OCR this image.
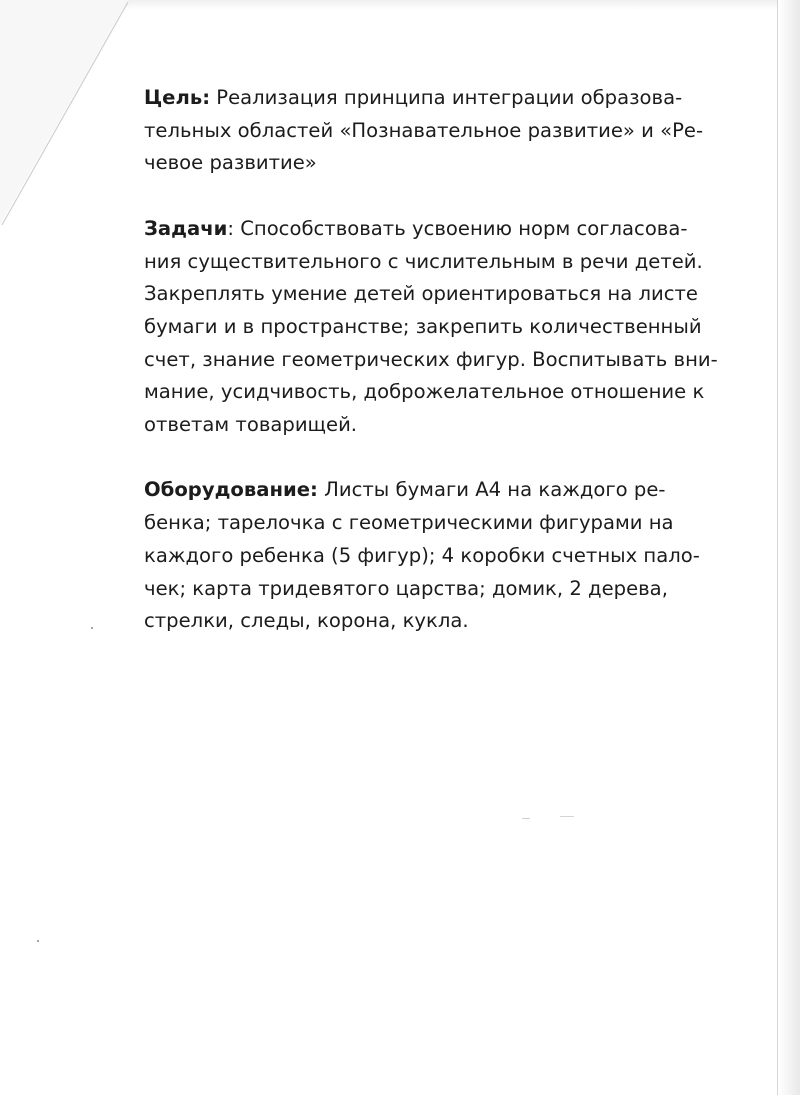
Цель: Реализация принципа интеграции образова-
тельных областей «Познавательное развитие» и «Ре-
чевое развитие»

Задачи: Способствовать усвоению норм согласова-
ния существительного с числительным в речи детей.
Закреплять умение детей ориентироваться на листе
бумаги и в пространстве; закрепить количественный
счет, знание геометрических фигур. Воспитывать вни-
мание, усидчивость, доброжелательное отношение к
ответам товарищей.

Оборудование: Листы бумаги А4 на каждого ре-
бенка; тарелочка с геометрическими фигурами на
каждого ребенка (5 фигур); 4 коробки счетных пало-
чек; карта тридевятого царства; домик, 2 дерева,
стрелки, следы, корона, кукла.
